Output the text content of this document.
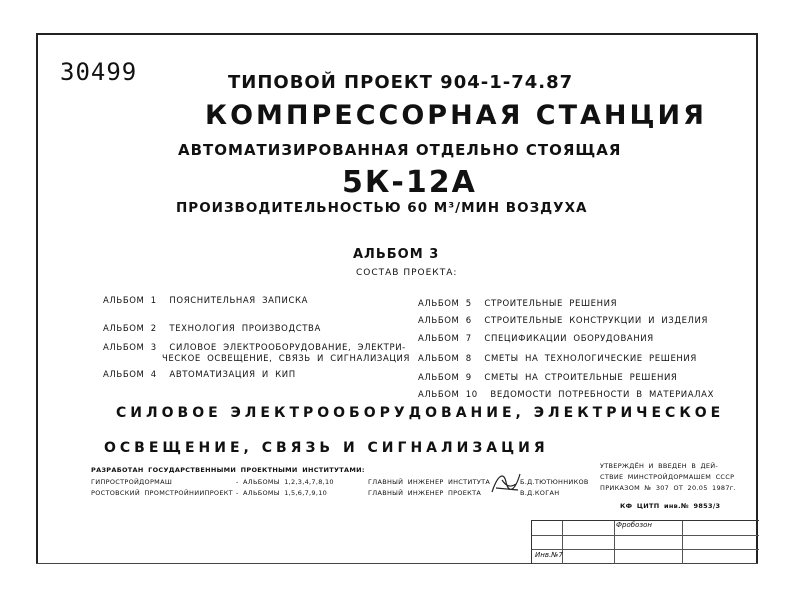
30499	ТИПОВОЙ ПРОЕКТ 904-1-74.87
КОМПРЕССОРНАЯ СТАНЦИЯ
АВТОМАТИЗИРОВАННАЯ ОТДЕЛЬНО СТОЯЩАЯ
5К-12А
ПРОИЗВОДИТЕЛЬНОСТЬЮ 60 М³/МИН ВОЗДУХА
АЛЬБОМ 3
СОСТАВ ПРОЕКТА:
АЛЬБОМ 1 ПОЯСНИТЕЛЬНАЯ ЗАПИСКА
АЛЬБОМ 2 ТЕХНОЛОГИЯ ПРОИЗВОДСТВА
АЛЬБОМ 3 СИЛОВОЕ ЭЛЕКТРООБОРУДОВАНИЕ, ЭЛЕКТРИ-
ЧЕСКОЕ ОСВЕЩЕНИЕ, СВЯЗЬ И СИГНАЛИЗАЦИЯ
АЛЬБОМ 4 АВТОМАТИЗАЦИЯ И КИП
АЛЬБОМ 5 СТРОИТЕЛЬНЫЕ РЕШЕНИЯ
АЛЬБОМ 6 СТРОИТЕЛЬНЫЕ КОНСТРУКЦИИ И ИЗДЕЛИЯ
АЛЬБОМ 7 СПЕЦИФИКАЦИИ ОБОРУДОВАНИЯ
АЛЬБОМ 8 СМЕТЫ НА ТЕХНОЛОГИЧЕСКИЕ РЕШЕНИЯ
АЛЬБОМ 9 СМЕТЫ НА СТРОИТЕЛЬНЫЕ РЕШЕНИЯ
АЛЬБОМ 10 ВЕДОМОСТИ ПОТРЕБНОСТИ В МАТЕРИАЛАХ
СИЛОВОЕ ЭЛЕКТРООБОРУДОВАНИЕ, ЭЛЕКТРИЧЕСКОЕ
ОСВЕЩЕНИЕ, СВЯЗЬ И СИГНАЛИЗАЦИЯ
РАЗРАБОТАН ГОСУДАРСТВЕННЫМИ ПРОЕКТНЫМИ ИНСТИТУТАМИ:
ГИПРОСТРОЙДОРМАШ	- АЛЬБОМЫ 1,2,3,4,7,8,10	ГЛАВНЫЙ ИНЖЕНЕР ИНСТИТУТА	Б.Д.ТЮТЮННИКОВ
РОСТОВСКИЙ ПРОМСТРОЙНИИПРОЕКТ - АЛЬБОМЫ 1,5,6,7,9,10	ГЛАВНЫЙ ИНЖЕНЕР ПРОЕКТА	В.Д.КОГАН
УТВЕРЖДЁН И ВВЕДЕН В ДЕЙ-
СТВИЕ МИНСТРОЙДОРМАШЕМ СССР
ПРИКАЗОМ № 307 ОТ 20.05 1987г.
КФ ЦИТП инв.№ 9853/3
Фробозон
Инв.№7
